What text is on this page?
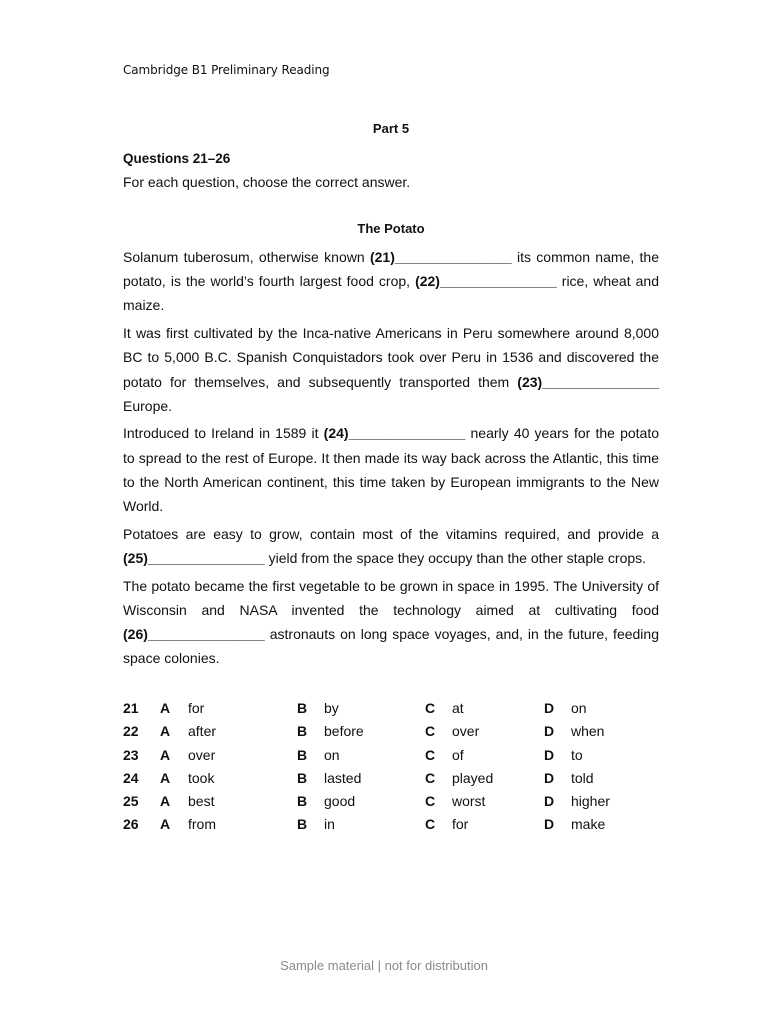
Cambridge B1 Preliminary Reading
Part 5
Questions 21–26
For each question, choose the correct answer.
The Potato

Solanum tuberosum, otherwise known (21)_______________ its common name, the potato, is the world’s fourth largest food crop, (22)_______________ rice, wheat and maize.

It was first cultivated by the Inca-native Americans in Peru somewhere around 8,000 BC to 5,000 B.C. Spanish Conquistadors took over Peru in 1536 and discovered the potato for themselves, and subsequently transported them (23)_______________ Europe.

Introduced to Ireland in 1589 it (24)_______________ nearly 40 years for the potato to spread to the rest of Europe. It then made its way back across the Atlantic, this time to the North American continent, this time taken by European immigrants to the New World.

Potatoes are easy to grow, contain most of the vitamins required, and provide a (25)_______________ yield from the space they occupy than the other staple crops.

The potato became the first vegetable to be grown in space in 1995. The University of Wisconsin and NASA invented the technology aimed at cultivating food (26)_______________ astronauts on long space voyages, and, in the future, feeding space colonies.

21 A for	B by	C at	D on
22 A after	B before	C over	D when
23 A over	B on	C of	D to
24 A took	B lasted	C played	D told
25 A best	B good	C worst	D higher
26 A from	B in	C for	D make
Sample material | not for distribution
